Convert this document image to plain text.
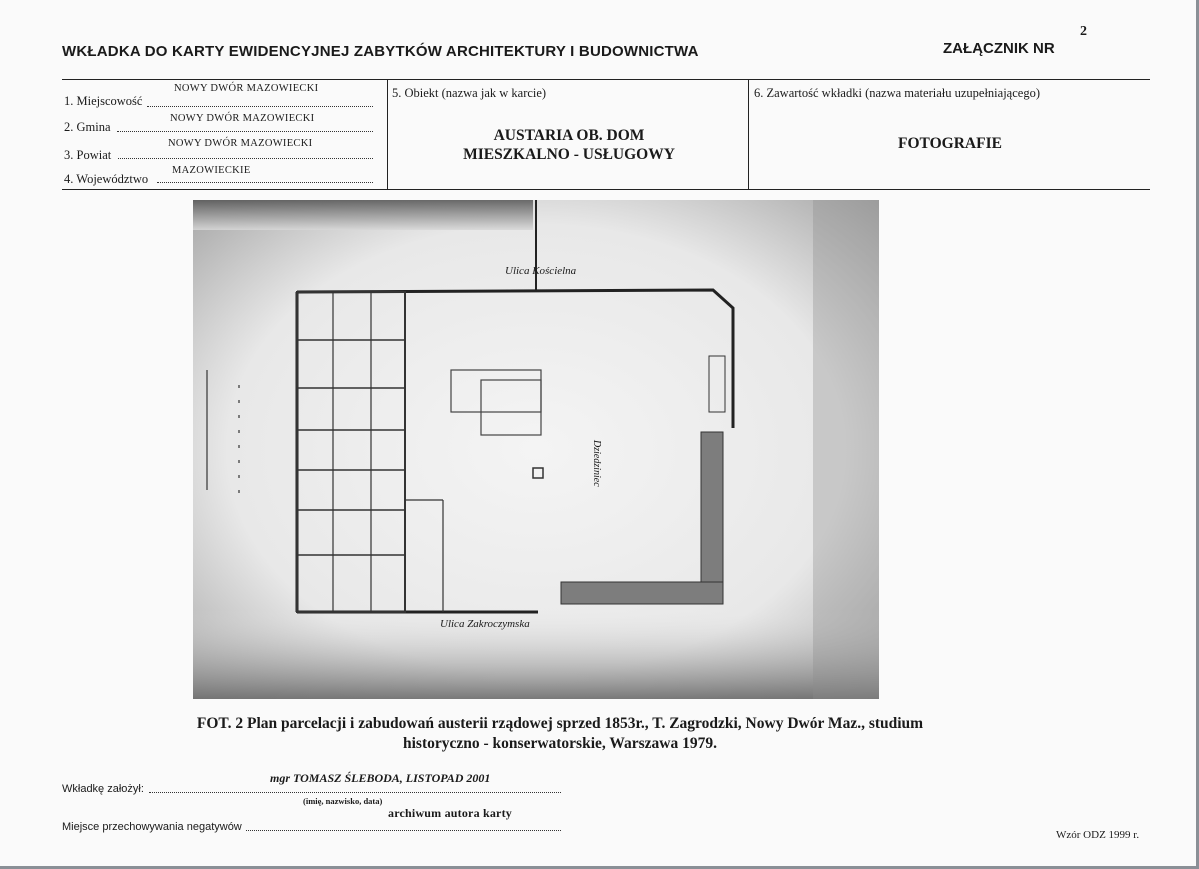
WKŁADKA DO KARTY EWIDENCYJNEJ ZABYTKÓW ARCHITEKTURY I BUDOWNICTWA	ZAŁĄCZNIK NR
2
NOWY DWÓR MAZOWIECKI
1. Miejscowość
NOWY DWÓR MAZOWIECKI
2. Gmina
NOWY DWÓR MAZOWIECKI
3. Powiat
MAZOWIECKIE
4. Województwo
5. Obiekt (nazwa jak w karcie)
AUSTARIA OB. DOM
MIESZKALNO - USŁUGOWY
6. Zawartość wkładki (nazwa materiału uzupełniającego)
FOTOGRAFIE
Ulica Kościelna
Ulica Zakroczymska
Dziedziniec
FOT. 2 Plan parcelacji i zabudowań austerii rządowej sprzed 1853r., T. Zagrodzki, Nowy Dwór Maz., studium
historyczno - konserwatorskie, Warszawa 1979.
mgr TOMASZ ŚLEBODA, LISTOPAD 2001
Wkładkę założył:
(imię, nazwisko, data)
archiwum autora karty
Miejsce przechowywania negatywów
Wzór ODZ 1999 r.
